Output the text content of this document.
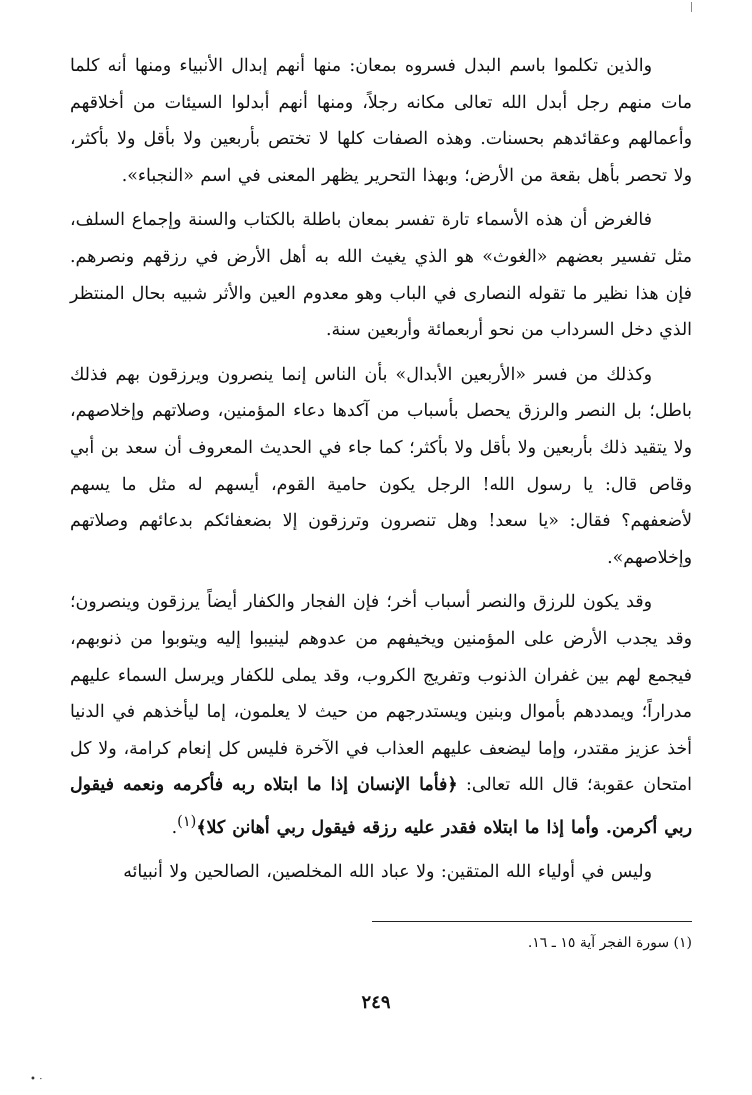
والذين تكلموا باسم البدل فسروه بمعان: منها أنهم إبدال الأنبياء ومنها أنه كلما مات منهم رجل أبدل الله تعالى مكانه رجلاً، ومنها أنهم أبدلوا السيئات من أخلاقهم وأعمالهم وعقائدهم بحسنات. وهذه الصفات كلها لا تختص بأربعين ولا بأقل ولا بأكثر، ولا تحصر بأهل بقعة من الأرض؛ وبهذا التحرير يظهر المعنى في اسم «النجباء».

فالغرض أن هذه الأسماء تارة تفسر بمعان باطلة بالكتاب والسنة وإجماع السلف، مثل تفسير بعضهم «الغوث» هو الذي يغيث الله به أهل الأرض في رزقهم ونصرهم. فإن هذا نظير ما تقوله النصارى في الباب وهو معدوم العين والأثر شبيه بحال المنتظر الذي دخل السرداب من نحو أربعمائة وأربعين سنة.

وكذلك من فسر «الأربعين الأبدال» بأن الناس إنما ينصرون ويرزقون بهم فذلك باطل؛ بل النصر والرزق يحصل بأسباب من آكدها دعاء المؤمنين، وصلاتهم وإخلاصهم، ولا يتقيد ذلك بأربعين ولا بأقل ولا بأكثر؛ كما جاء في الحديث المعروف أن سعد بن أبي وقاص قال: يا رسول الله! الرجل يكون حامية القوم، أيسهم له مثل ما يسهم لأضعفهم؟ فقال: «يا سعد! وهل تنصرون وترزقون إلا بضعفائكم بدعائهم وصلاتهم وإخلاصهم».

وقد يكون للرزق والنصر أسباب أخر؛ فإن الفجار والكفار أيضاً يرزقون وينصرون؛ وقد يجدب الأرض على المؤمنين ويخيفهم من عدوهم لينيبوا إليه ويتوبوا من ذنوبهم، فيجمع لهم بين غفران الذنوب وتفريج الكروب، وقد يملى للكفار ويرسل السماء عليهم مدراراً؛ ويمددهم بأموال وبنين ويستدرجهم من حيث لا يعلمون، إما ليأخذهم في الدنيا أخذ عزيز مقتدر، وإما ليضعف عليهم العذاب في الآخرة فليس كل إنعام كرامة، ولا كل امتحان عقوبة؛ قال الله تعالى: ﴿فأما الإنسان إذا ما ابتلاه ربه فأكرمه ونعمه فيقول ربي أكرمن. وأما إذا ما ابتلاه فقدر عليه رزقه فيقول ربي أهانن كلا﴾$^{(١)}$.

وليس في أولياء الله المتقين: ولا عباد الله المخلصين، الصالحين ولا أنبيائه

(١) سورة الفجر آية ١٥ ـ ١٦.
٢٤٩
• ⋅
